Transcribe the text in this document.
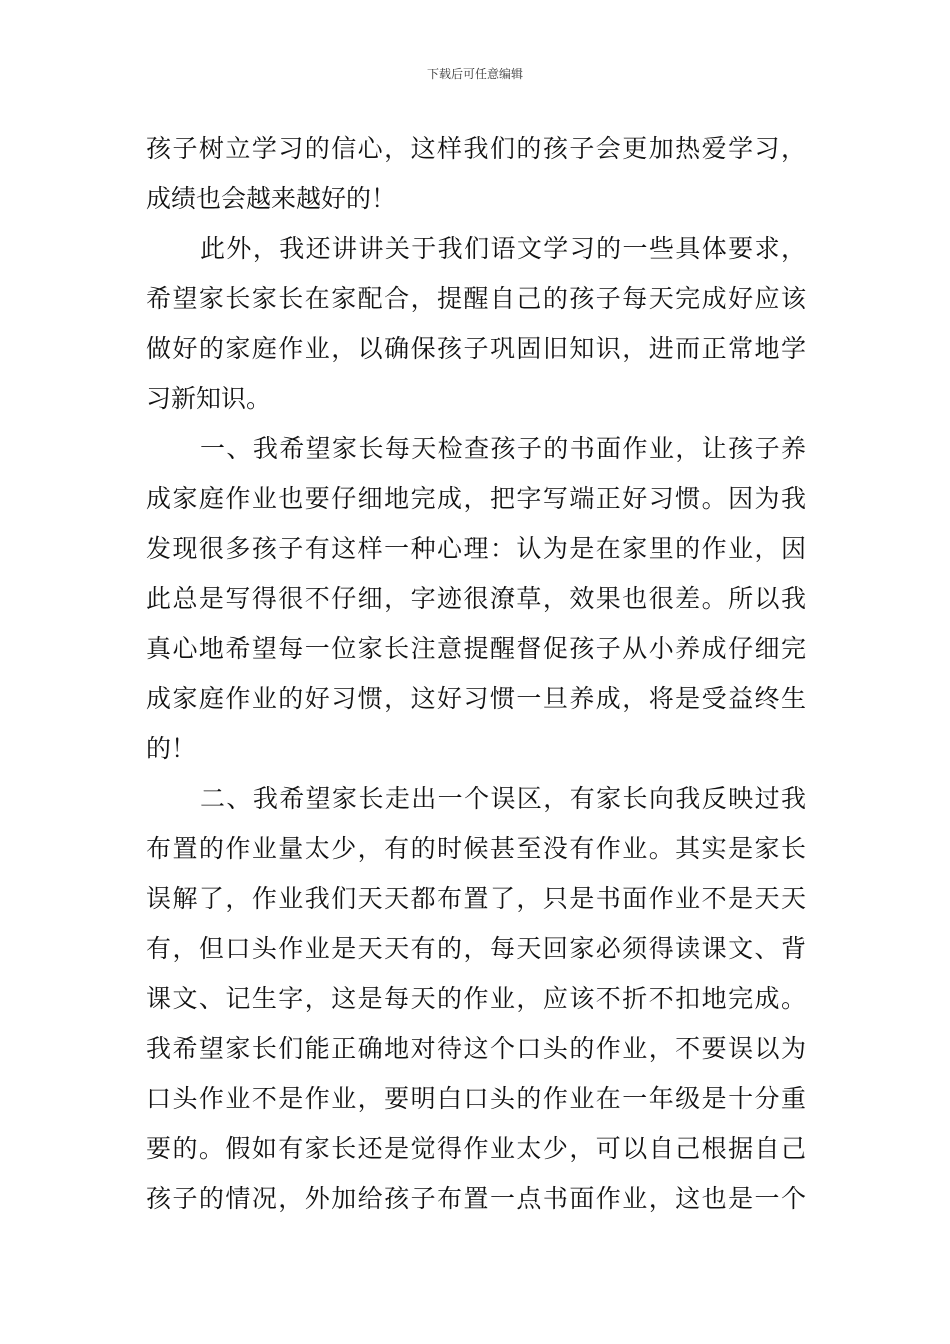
下载后可任意编辑
孩子树立学习的信心，这样我们的孩子会更加热爱学习，
成绩也会越来越好的！
此外，我还讲讲关于我们语文学习的一些具体要求，
希望家长家长在家配合，提醒自己的孩子每天完成好应该
做好的家庭作业，以确保孩子巩固旧知识，进而正常地学
习新知识。
一、我希望家长每天检查孩子的书面作业，让孩子养
成家庭作业也要仔细地完成，把字写端正好习惯。因为我
发现很多孩子有这样一种心理：认为是在家里的作业，因
此总是写得很不仔细，字迹很潦草，效果也很差。所以我
真心地希望每一位家长注意提醒督促孩子从小养成仔细完
成家庭作业的好习惯，这好习惯一旦养成，将是受益终生
的！
二、我希望家长走出一个误区，有家长向我反映过我
布置的作业量太少，有的时候甚至没有作业。其实是家长
误解了，作业我们天天都布置了，只是书面作业不是天天
有，但口头作业是天天有的，每天回家必须得读课文、背
课文、记生字，这是每天的作业，应该不折不扣地完成。
我希望家长们能正确地对待这个口头的作业，不要误以为
口头作业不是作业，要明白口头的作业在一年级是十分重
要的。假如有家长还是觉得作业太少，可以自己根据自己
孩子的情况，外加给孩子布置一点书面作业，这也是一个
